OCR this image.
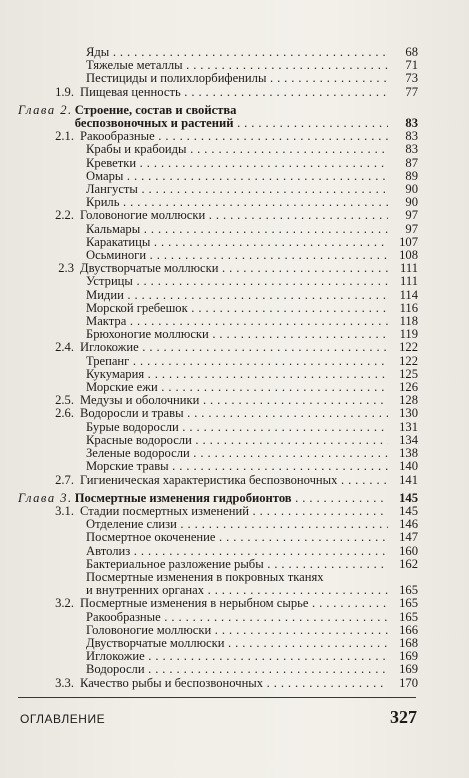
Яды . . .	68
Тяжелые металлы . . .	71
Пестициды и полихлорбифенилы . . .	73
1.9. Пищевая ценность . . .	77
Глава 2. Строение, состав и свойства
беспозвоночных и растений . . .	83
2.1. Ракообразные . . .	83
Крабы и крабоиды . . .	83
Креветки . . .	87
Омары . . .	89
Лангусты . . .	90
Криль . . .	90
2.2. Головоногие моллюски . . .	97
Кальмары . . .	97
Каракатицы . . .	107
Осьминоги . . .	108
2.3 Двустворчатые моллюски . . .	111
Устрицы . . .	111
Мидии . . .	114
Морской гребешок . . .	116
Мактра . . .	118
Брюхоногие моллюски . . .	119
2.4. Иглокожие . . .	122
Трепанг . . .	122
Кукумария . . .	125
Морские ежи . . .	126
2.5. Медузы и оболочники . . .	128
2.6. Водоросли и травы . . .	130
Бурые водоросли . . .	131
Красные водоросли . . .	134
Зеленые водоросли . . .	138
Морские травы . . .	140
2.7. Гигиеническая характеристика беспозвоночных . . .	141
Глава 3. Посмертные изменения гидробионтов . . .	145
3.1. Стадии посмертных изменений . . .	145
Отделение слизи . . .	146
Посмертное окоченение . . .	147
Автолиз . . .	160
Бактериальное разложение рыбы . . .	162
Посмертные изменения в покровных тканях
и внутренних органах . . .	165
3.2. Посмертные изменения в нерыбном сырье . . .	165
Ракообразные . . .	165
Головоногие моллюски . . .	166
Двустворчатые моллюски . . .	168
Иглокожие . . .	169
Водоросли . . .	169
3.3. Качество рыбы и беспозвоночных . . .	170
ОГЛАВЛЕНИЕ	327
